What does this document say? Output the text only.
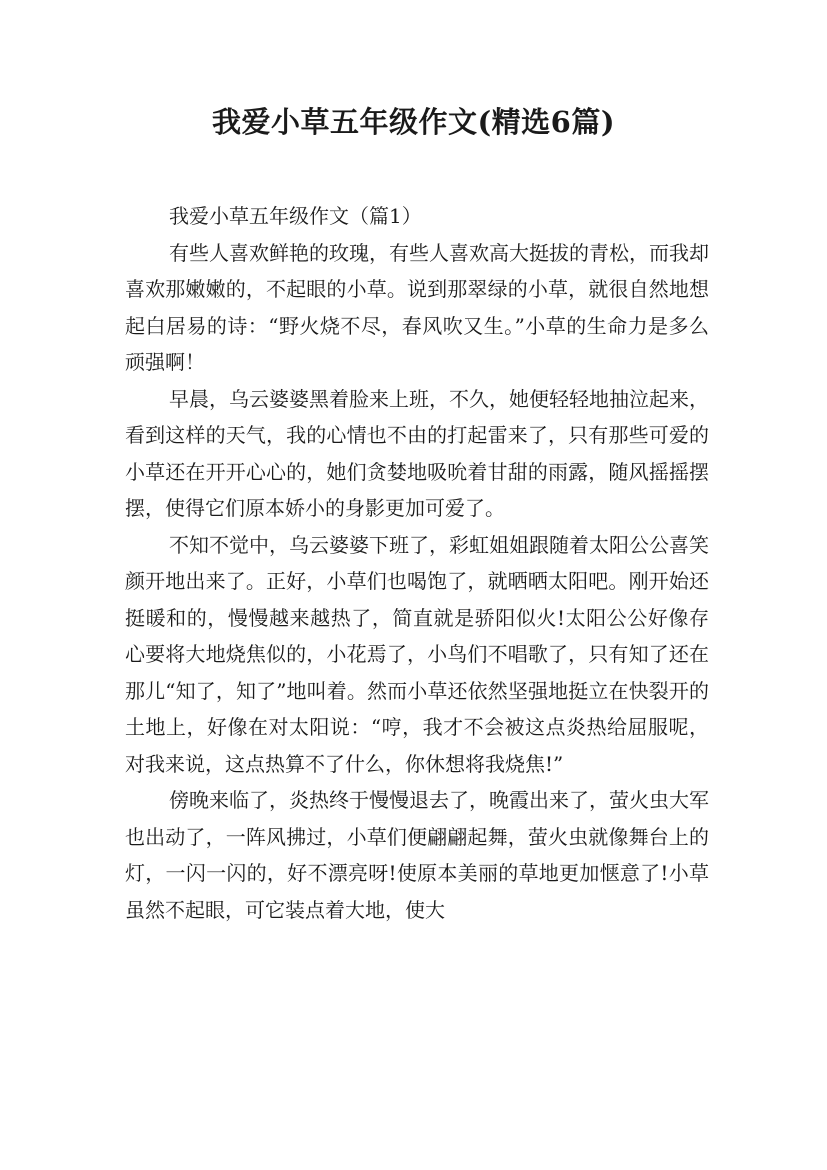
我爱小草五年级作文(精选6篇)

我爱小草五年级作文（篇1）

有些人喜欢鲜艳的玫瑰，有些人喜欢高大挺拔的青松，而我却喜欢那嫩嫩的，不起眼的小草。说到那翠绿的小草，就很自然地想起白居易的诗：“野火烧不尽，春风吹又生。”小草的生命力是多么顽强啊！

早晨，乌云婆婆黑着脸来上班，不久，她便轻轻地抽泣起来，看到这样的天气，我的心情也不由的打起雷来了，只有那些可爱的小草还在开开心心的，她们贪婪地吸吮着甘甜的雨露，随风摇摇摆摆，使得它们原本娇小的身影更加可爱了。

不知不觉中，乌云婆婆下班了，彩虹姐姐跟随着太阳公公喜笑颜开地出来了。正好，小草们也喝饱了，就晒晒太阳吧。刚开始还挺暖和的，慢慢越来越热了，简直就是骄阳似火!太阳公公好像存心要将大地烧焦似的，小花焉了，小鸟们不唱歌了，只有知了还在那儿“知了，知了”地叫着。然而小草还依然坚强地挺立在快裂开的土地上，好像在对太阳说：“哼，我才不会被这点炎热给屈服呢，对我来说，这点热算不了什么，你休想将我烧焦!”

傍晚来临了，炎热终于慢慢退去了，晚霞出来了，萤火虫大军也出动了，一阵风拂过，小草们便翩翩起舞，萤火虫就像舞台上的灯，一闪一闪的，好不漂亮呀!使原本美丽的草地更加惬意了!小草虽然不起眼，可它装点着大地，使大
